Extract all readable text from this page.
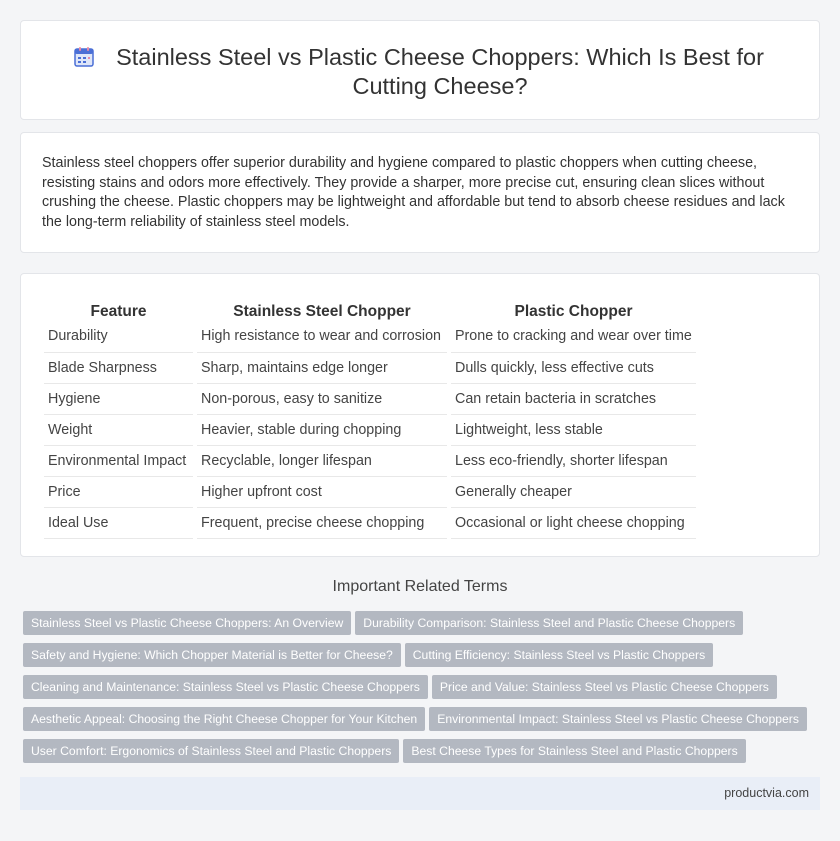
Stainless Steel vs Plastic Cheese Choppers: Which Is Best for Cutting Cheese?

Stainless steel choppers offer superior durability and hygiene compared to plastic choppers when cutting cheese, resisting stains and odors more effectively. They provide a sharper, more precise cut, ensuring clean slices without crushing the cheese. Plastic choppers may be lightweight and affordable but tend to absorb cheese residues and lack the long-term reliability of stainless steel models.

Feature		Stainless Steel Chopper		Plastic Chopper
Durability		High resistance to wear and corrosion		Prone to cracking and wear over time
Blade Sharpness		Sharp, maintains edge longer		Dulls quickly, less effective cuts
Hygiene		Non-porous, easy to sanitize		Can retain bacteria in scratches
Weight		Heavier, stable during chopping		Lightweight, less stable
Environmental Impact		Recyclable, longer lifespan		Less eco-friendly, shorter lifespan
Price		Higher upfront cost		Generally cheaper
Ideal Use		Frequent, precise cheese chopping		Occasional or light cheese chopping
Important Related Terms
Stainless Steel vs Plastic Cheese Choppers: An Overview Durability Comparison: Stainless Steel and Plastic Cheese Choppers
Safety and Hygiene: Which Chopper Material is Better for Cheese? Cutting Efficiency: Stainless Steel vs Plastic Choppers
Cleaning and Maintenance: Stainless Steel vs Plastic Cheese Choppers Price and Value: Stainless Steel vs Plastic Cheese Choppers
Aesthetic Appeal: Choosing the Right Cheese Chopper for Your Kitchen Environmental Impact: Stainless Steel vs Plastic Cheese Choppers
User Comfort: Ergonomics of Stainless Steel and Plastic Choppers Best Cheese Types for Stainless Steel and Plastic Choppers
productvia.com
